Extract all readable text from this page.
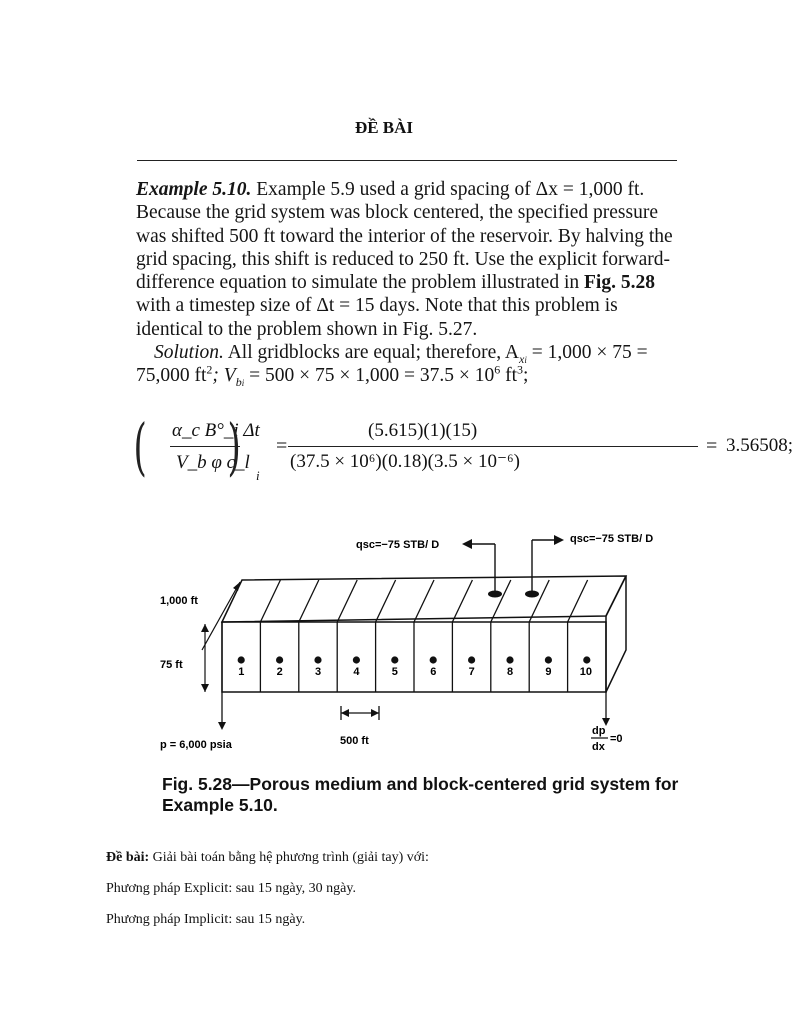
ĐỀ BÀI

Example 5.10. Example 5.9 used a grid spacing of Δx = 1,000 ft. Because the grid system was block centered, the specified pressure was shifted 500 ft toward the interior of the reservoir. By halving the grid spacing, this shift is reduced to 250 ft. Use the explicit forward-difference equation to simulate the problem illustrated in Fig. 5.28 with a timestep size of Δt = 15 days. Note that this problem is identical to the problem shown in Fig. 5.27.

Solution. All gridblocks are equal; therefore, $A_{xi} = 1,000 \times 75 = 75,000$ $ft^2$; $V_{bi} = 500 \times 75 \times 1,000 = 37.5 \times 10^6$ $ft^3$;

( α_c B°_i Δt
V_b φ c_l
) i
=
(5.615)(1)(15)
(37.5 × 10⁶)(0.18)(3.5 × 10⁻⁶)
= 3.56508;
1	2	3	4	5	6	7	8	9	10
qsc=−75 STB/ D	qsc=−75 STB/ D
1,000 ft
75 ft
p = 6,000 psia	500 ft
dp
dx
=0
Fig. 5.28—Porous medium and block-centered grid system for
Example 5.10.
Đề bài: Giải bài toán bằng hệ phương trình (giải tay) với:
Phương pháp Explicit: sau 15 ngày, 30 ngày.
Phương pháp Implicit: sau 15 ngày.
